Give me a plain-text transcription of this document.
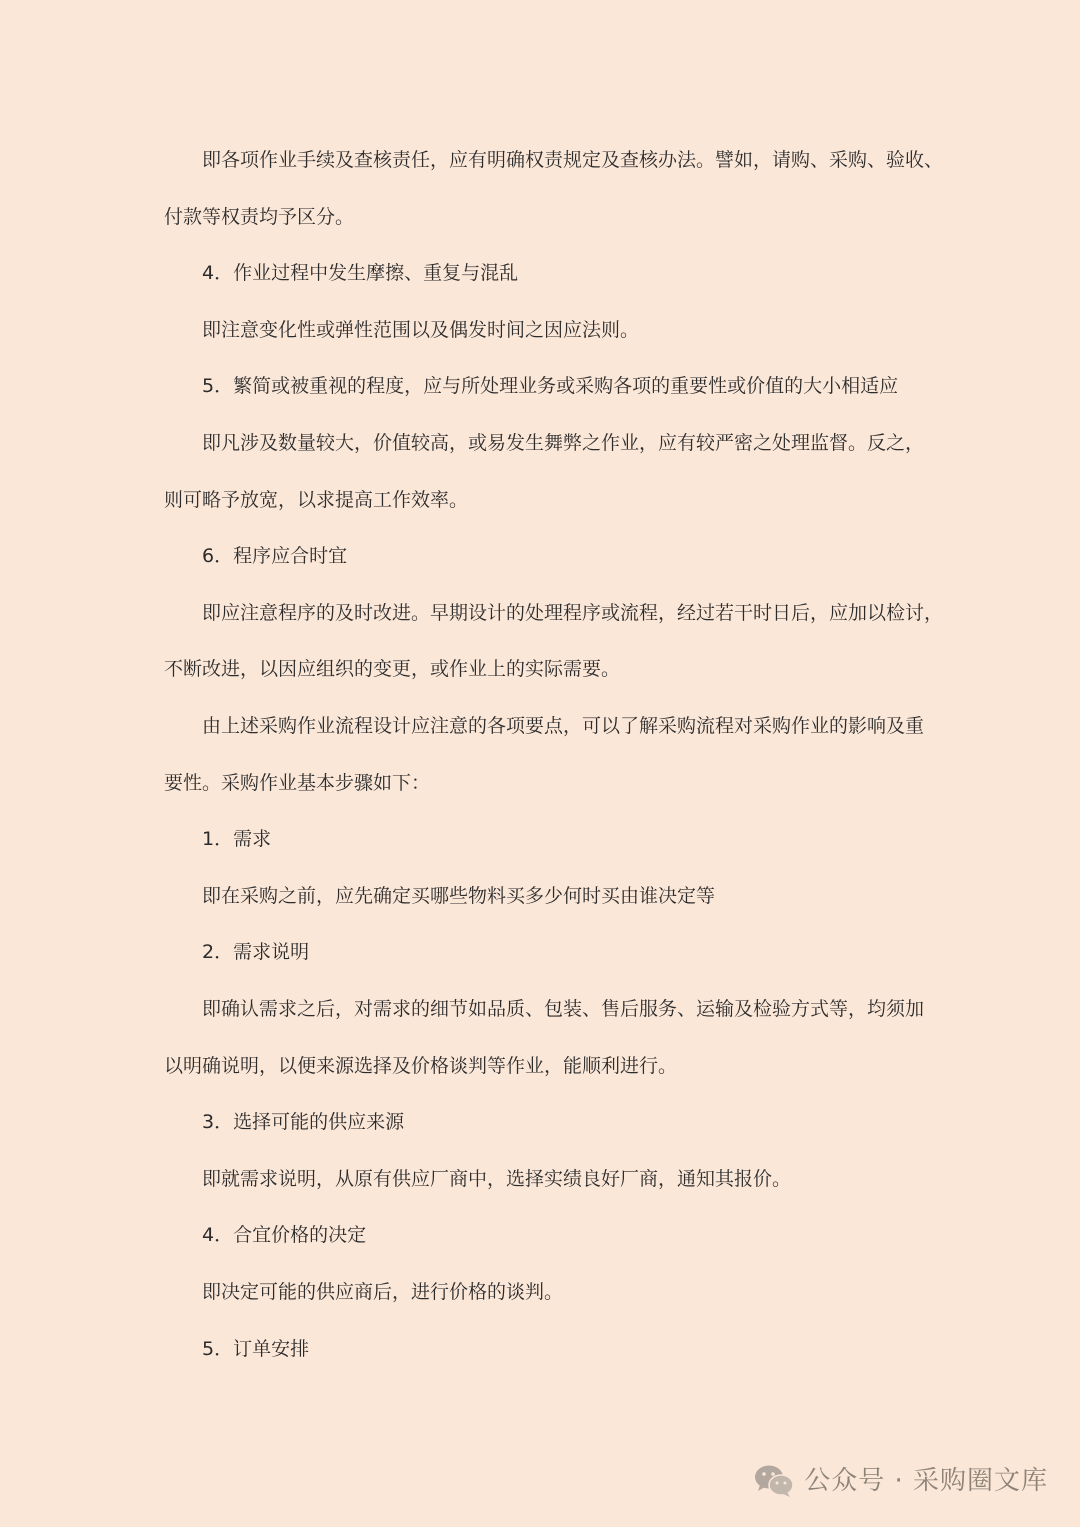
即各项作业手续及查核责任，应有明确权责规定及查核办法。譬如，请购、采购、验收、
付款等权责均予区分。
4．作业过程中发生摩擦、重复与混乱
即注意变化性或弹性范围以及偶发时间之因应法则。
5．繁简或被重视的程度，应与所处理业务或采购各项的重要性或价值的大小相适应
即凡涉及数量较大，价值较高，或易发生舞弊之作业，应有较严密之处理监督。反之，
则可略予放宽，以求提高工作效率。
6．程序应合时宜
即应注意程序的及时改进。早期设计的处理程序或流程，经过若干时日后，应加以检讨，
不断改进，以因应组织的变更，或作业上的实际需要。
由上述采购作业流程设计应注意的各项要点，可以了解采购流程对采购作业的影响及重
要性。采购作业基本步骤如下：
1．需求
即在采购之前，应先确定买哪些物料买多少何时买由谁决定等
2．需求说明
即确认需求之后，对需求的细节如品质、包装、售后服务、运输及检验方式等，均须加
以明确说明，以便来源选择及价格谈判等作业，能顺利进行。
3．选择可能的供应来源
即就需求说明，从原有供应厂商中，选择实绩良好厂商，通知其报价。
4．合宜价格的决定
即决定可能的供应商后，进行价格的谈判。
5．订单安排
公众号 · 采购圈文库
